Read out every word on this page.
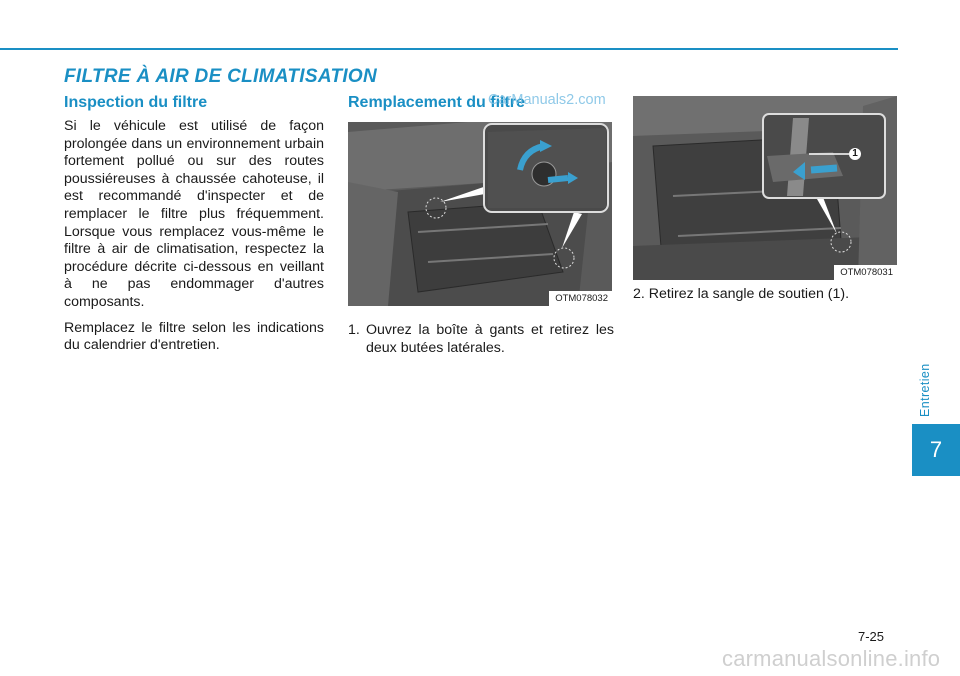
FILTRE À AIR DE CLIMATISATION
Inspection du filtre

Si le véhicule est utilisé de façon prolongée dans un environnement urbain fortement pollué ou sur des routes poussiéreuses à chaussée cahoteuse, il est recommandé d'inspecter et de remplacer le filtre plus fréquemment. Lorsque vous remplacez vous-même le filtre à air de climatisation, respectez la procédure décrite ci-dessous en veillant à ne pas endommager d'autres composants.

Remplacez le filtre selon les indications du calendrier d'entretien.

Remplacement du filtre
CarManuals2.com
OTM078032
1. Ouvrez la boîte à gants et retirez les deux butées latérales.
1
OTM078031
2. Retirez la sangle de soutien (1).
Entretien
7
7-25
carmanualsonline.info
